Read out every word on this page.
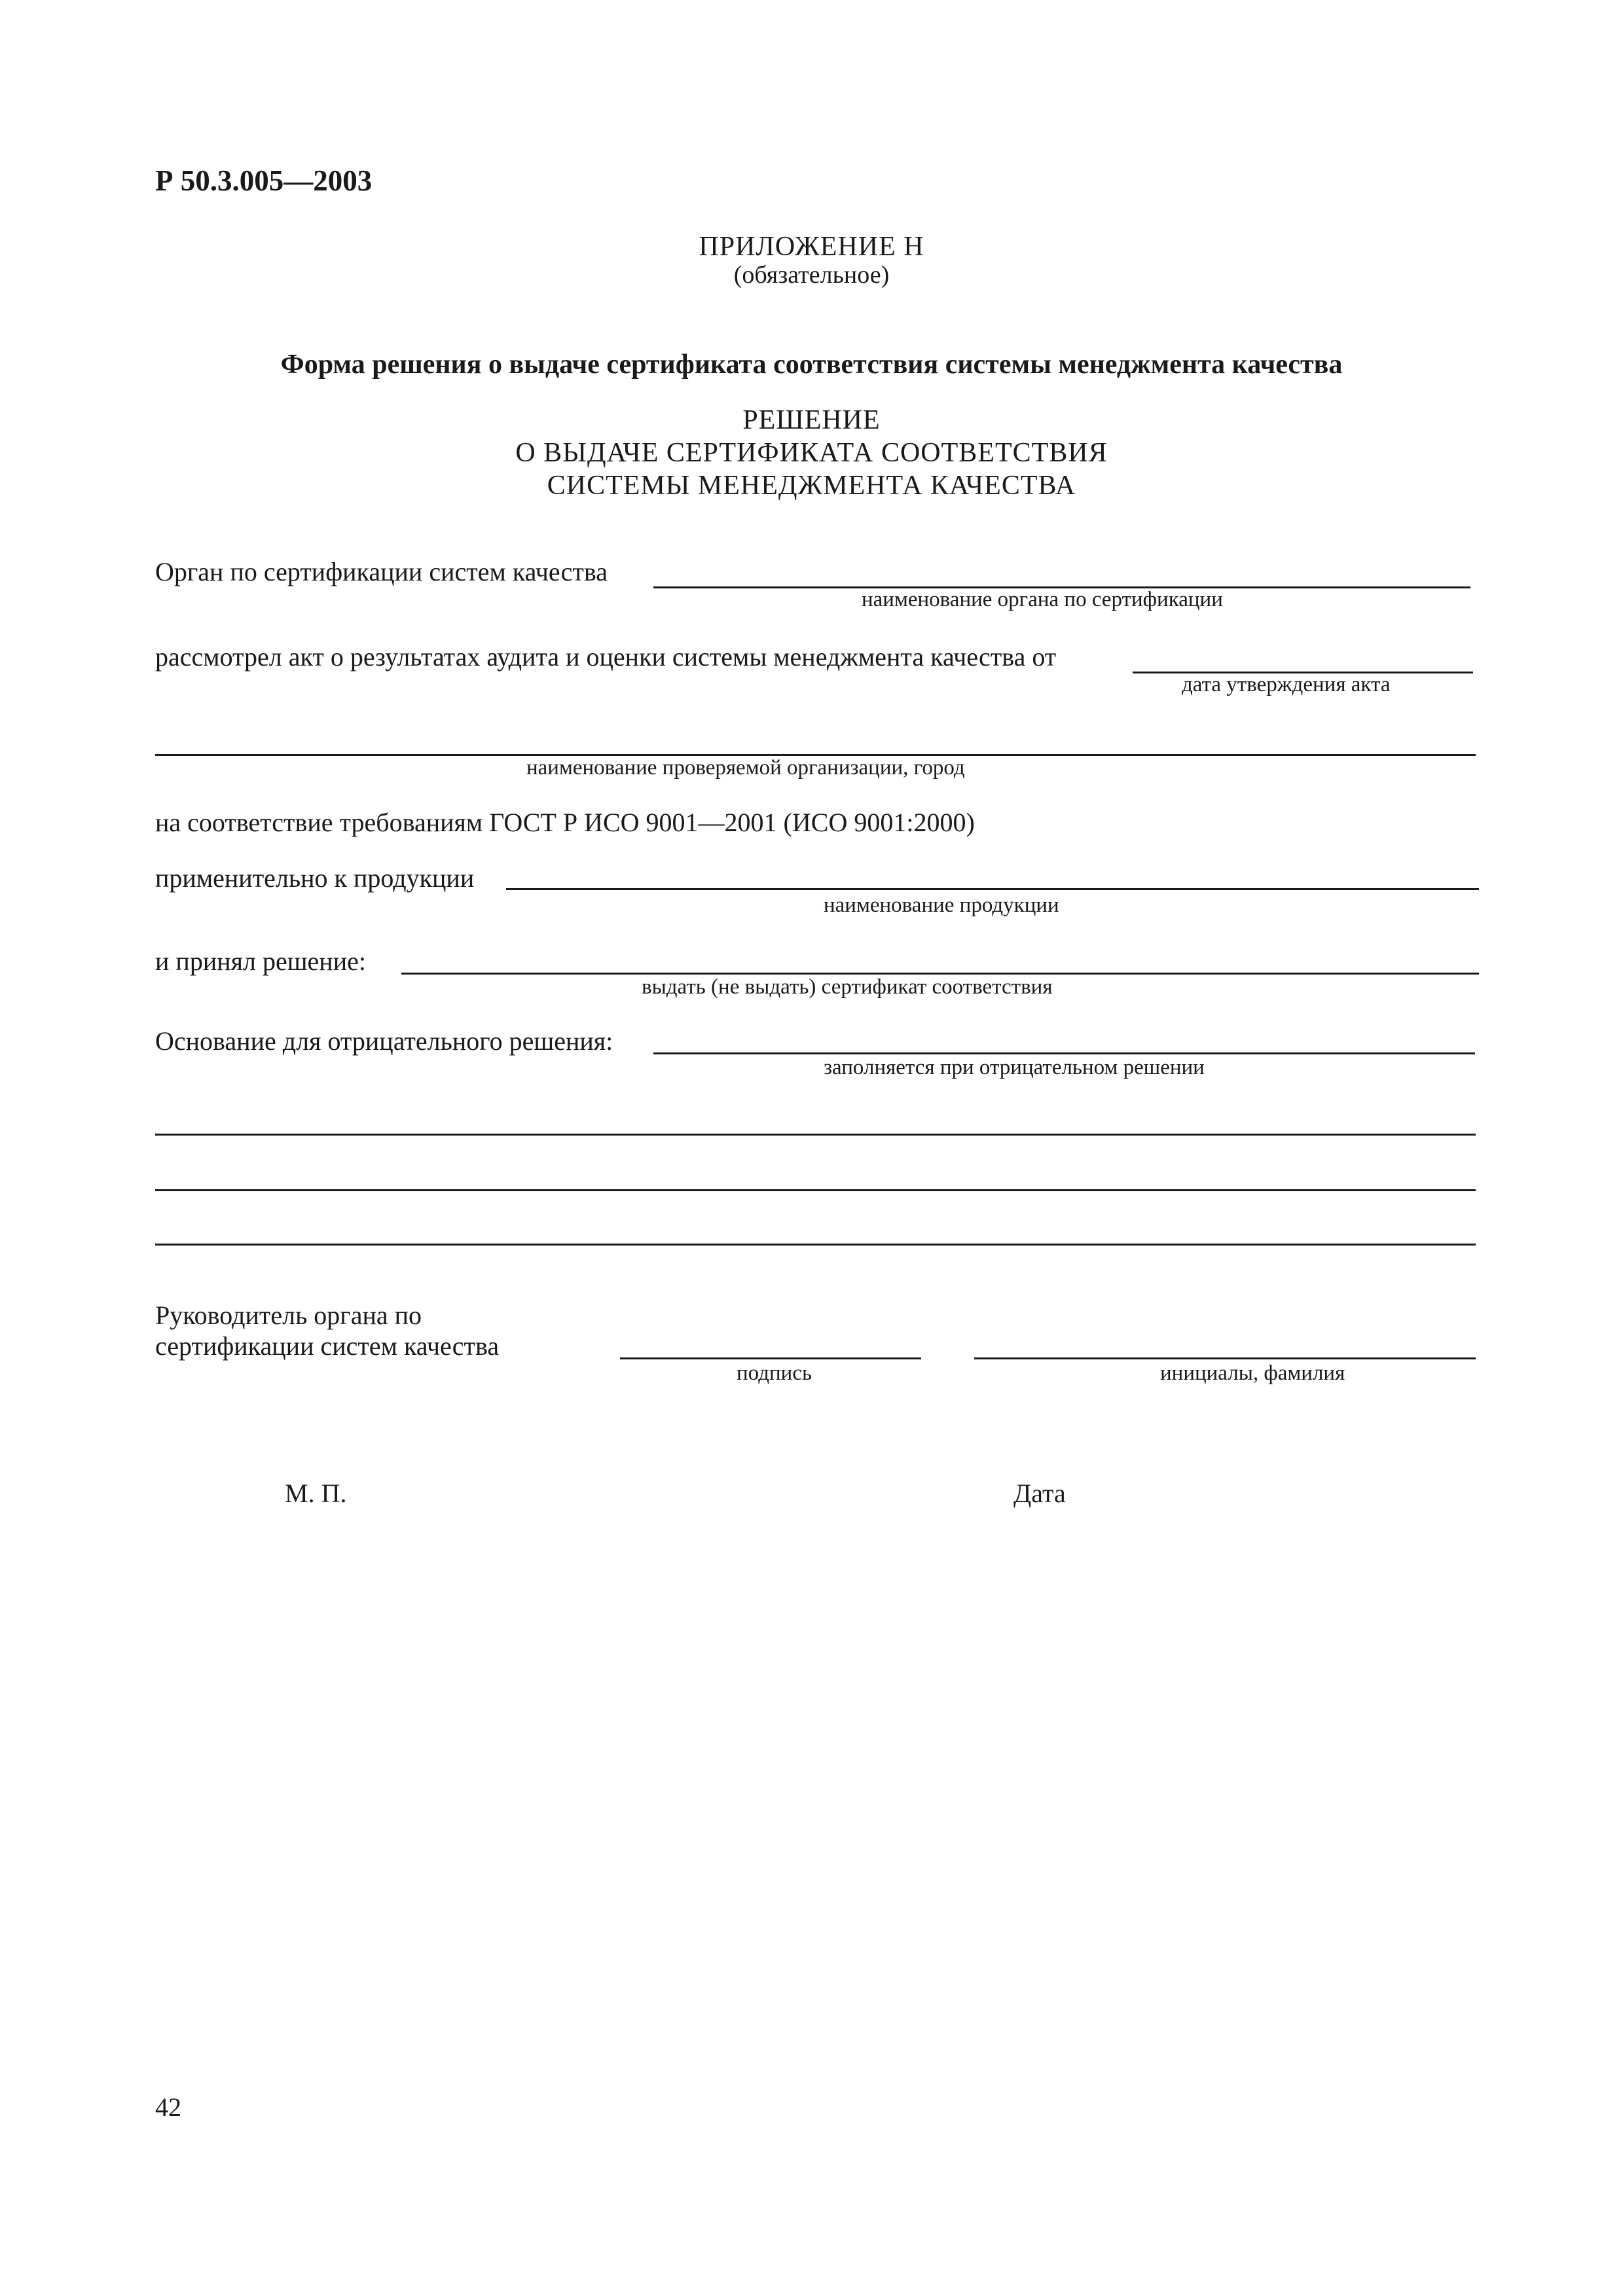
Р 50.3.005—2003
ПРИЛОЖЕНИЕ Н
(обязательное)
Форма решения о выдаче сертификата соответствия системы менеджмента качества
РЕШЕНИЕ
О ВЫДАЧЕ СЕРТИФИКАТА СООТВЕТСТВИЯ
СИСТЕМЫ МЕНЕДЖМЕНТА КАЧЕСТВА
Орган по сертификации систем качества
наименование органа по сертификации
рассмотрел акт о результатах аудита и оценки системы менеджмента качества от
дата утверждения акта
наименование проверяемой организации, город
на соответствие требованиям ГОСТ Р ИСО 9001—2001 (ИСО 9001:2000)
применительно к продукции
наименование продукции
и принял решение:
выдать (не выдать) сертификат соответствия
Основание для отрицательного решения:
заполняется при отрицательном решении
Руководитель органа по
сертификации систем качества
подпись	инициалы, фамилия
М. П.	Дата
42
